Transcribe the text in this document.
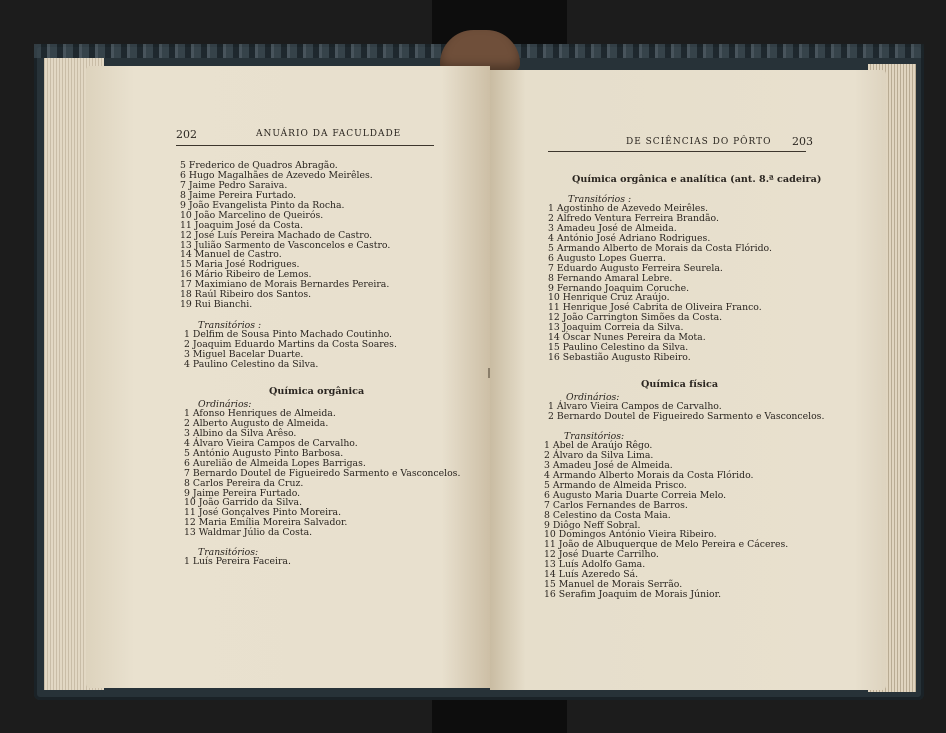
202	ANUÁRIO DA FACULDADE
5 Frederico de Quadros Abragão.
6 Hugo Magalhães de Azevedo Meirêles.
7 Jaime Pedro Saraiva.
8 Jaime Pereira Furtado.
9 João Evangelista Pinto da Rocha.
10 João Marcelino de Queirós.
11 Joaquim José da Costa.
12 José Luís Pereira Machado de Castro.
13 Julião Sarmento de Vasconcelos e Castro.
14 Manuel de Castro.
15 Maria José Rodrigues.
16 Mário Ribeiro de Lemos.
17 Maximiano de Morais Bernardes Pereira.
18 Raúl Ribeiro dos Santos.
19 Rui Bianchi.
Transitórios :
1 Delfim de Sousa Pinto Machado Coutinho.
2 Joaquim Eduardo Martins da Costa Soares.
3 Miguel Bacelar Duarte.
4 Paulino Celestino da Silva.
Química orgânica
Ordinários:
1 Afonso Henriques de Almeida.
2 Alberto Augusto de Almeida.
3 Albino da Silva Arêso.
4 Álvaro Vieira Campos de Carvalho.
5 António Augusto Pinto Barbosa.
6 Aurelião de Almeida Lopes Barrigas.
7 Bernardo Doutel de Figueiredo Sarmento e Vasconcelos.
8 Carlos Pereira da Cruz.
9 Jaime Pereira Furtado.
10 João Garrido da Silva.
11 José Gonçalves Pinto Moreira.
12 Maria Emília Moreira Salvador.
13 Waldmar Júlio da Costa.
Transitórios:
1 Luís Pereira Faceira.
DE SCIÊNCIAS DO PÔRTO 203
Química orgânica e analítica (ant. 8.ª cadeira)
Transitórios :
1 Agostinho de Azevedo Meirêles.
2 Alfredo Ventura Ferreira Brandão.
3 Amadeu José de Almeida.
4 António José Adriano Rodrigues.
5 Armando Alberto de Morais da Costa Flórido.
6 Augusto Lopes Guerra.
7 Eduardo Augusto Ferreira Seurela.
8 Fernando Amaral Lebre.
9 Fernando Joaquim Coruche.
10 Henrique Cruz Araújo.
11 Henrique José Cabrita de Oliveira Franco.
12 João Carrington Simões da Costa.
13 Joaquim Correia da Silva.
14 Óscar Nunes Pereira da Mota.
15 Paulino Celestino da Silva.
16 Sebastião Augusto Ribeiro.
Química física
Ordinários:
1 Álvaro Vieira Campos de Carvalho.
2 Bernardo Doutel de Figueiredo Sarmento e Vasconcelos.
Transitórios:
1 Abel de Araújo Rêgo.
2 Álvaro da Silva Lima.
3 Amadeu José de Almeida.
4 Armando Alberto Morais da Costa Flórido.
5 Armando de Almeida Prisco.
6 Augusto Maria Duarte Correia Melo.
7 Carlos Fernandes de Barros.
8 Celestino da Costa Maia.
9 Diôgo Neff Sobral.
10 Domingos António Vieira Ribeiro.
11 João de Albuquerque de Melo Pereira e Cáceres.
12 José Duarte Carrilho.
13 Luís Adolfo Gama.
14 Luís Azeredo Sá.
15 Manuel de Morais Serrão.
16 Serafim Joaquim de Morais Júnior.
